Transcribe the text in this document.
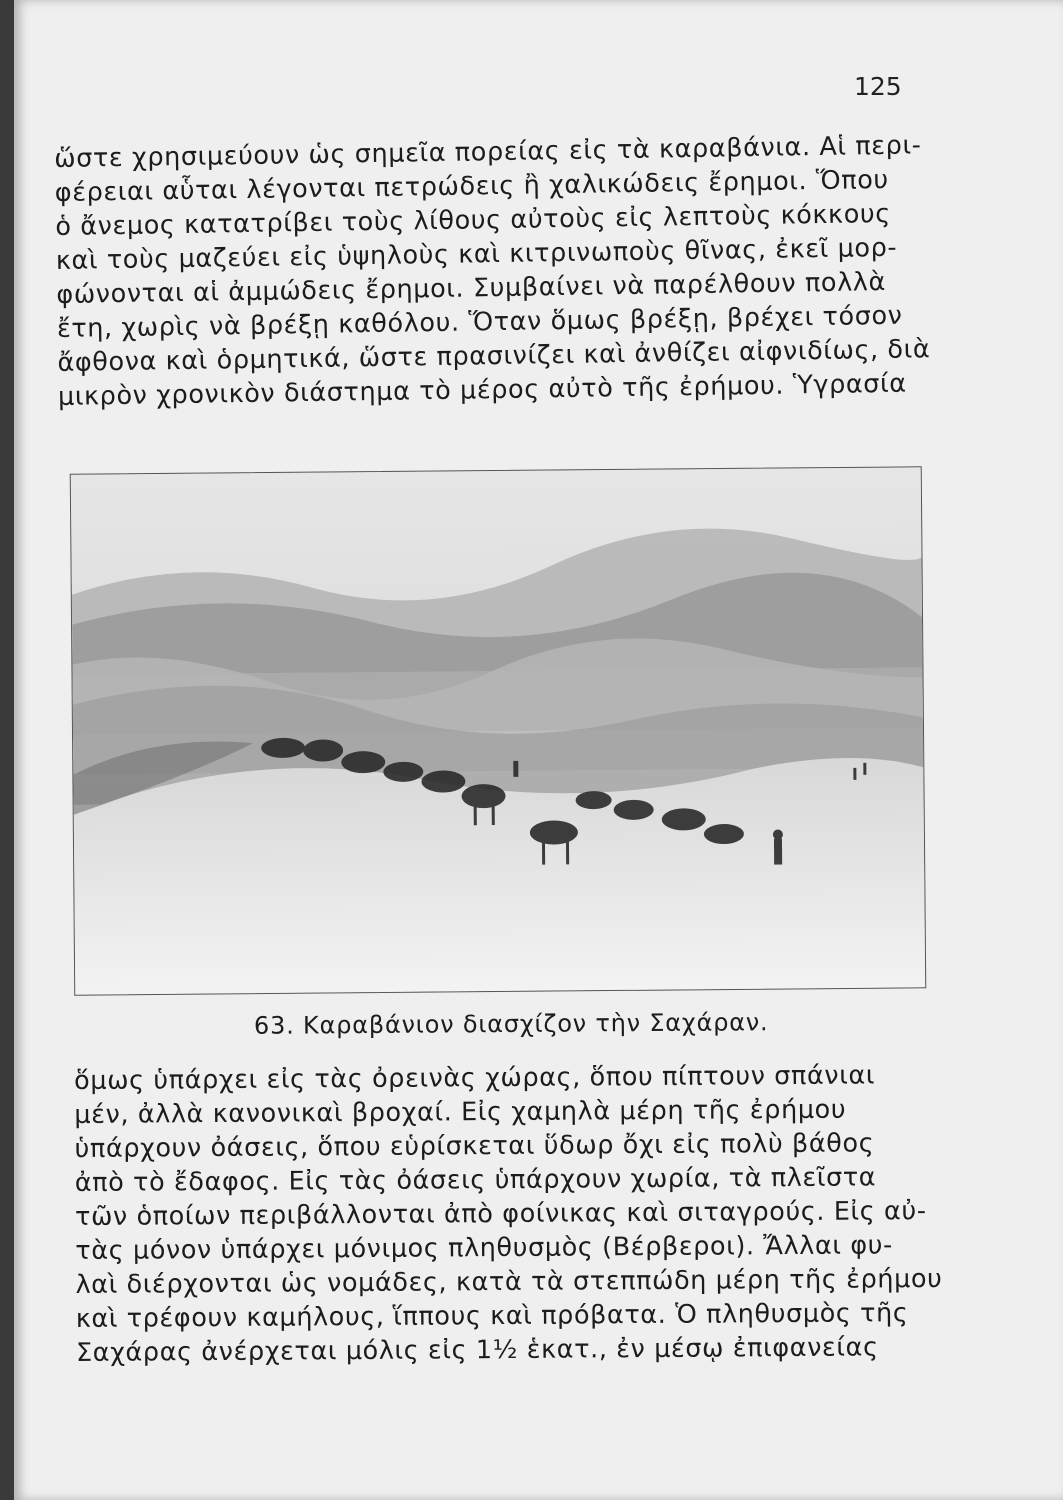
125
ὥστε χρησιμεύουν ὡς σημεῖα πορείας εἰς τὰ καραβάνια. Αἱ περι-
φέρειαι αὗται λέγονται πετρώδεις ἢ χαλικώδεις ἔρημοι. Ὅπου
ὁ ἄνεμος κατατρίβει τοὺς λίθους αὐτοὺς εἰς λεπτοὺς κόκκους
καὶ τοὺς μαζεύει εἰς ὑψηλοὺς καὶ κιτρινωποὺς θῖνας, ἐκεῖ μορ-
φώνονται αἱ ἀμμώδεις ἔρημοι. Συμβαίνει νὰ παρέλθουν πολλὰ
ἔτη, χωρὶς νὰ βρέξῃ καθόλου. Ὅταν ὅμως βρέξῃ, βρέχει τόσον
ἄφθονα καὶ ὁρμητικά, ὥστε πρασινίζει καὶ ἀνθίζει αἰφνιδίως, διὰ
μικρὸν χρονικὸν διάστημα τὸ μέρος αὐτὸ τῆς ἐρήμου. Ὑγρασία
63. Καραβάνιον διασχίζον τὴν Σαχάραν.
ὅμως ὑπάρχει εἰς τὰς ὀρεινὰς χώρας, ὅπου πίπτουν σπάνιαι
μέν, ἀλλὰ κανονικαὶ βροχαί. Εἰς χαμηλὰ μέρη τῆς ἐρήμου
ὑπάρχουν ὀάσεις, ὅπου εὑρίσκεται ὕδωρ ὄχι εἰς πολὺ βάθος
ἀπὸ τὸ ἔδαφος. Εἰς τὰς ὀάσεις ὑπάρχουν χωρία, τὰ πλεῖστα
τῶν ὁποίων περιβάλλονται ἀπὸ φοίνικας καὶ σιταγρούς. Εἰς αὐ-
τὰς μόνον ὑπάρχει μόνιμος πληθυσμὸς (Βέρβεροι). Ἄλλαι φυ-
λαὶ διέρχονται ὡς νομάδες, κατὰ τὰ στεππώδη μέρη τῆς ἐρήμου
καὶ τρέφουν καμήλους, ἵππους καὶ πρόβατα. Ὁ πληθυσμὸς τῆς
Σαχάρας ἀνέρχεται μόλις εἰς 1½ ἑκατ., ἐν μέσῳ ἐπιφανείας
